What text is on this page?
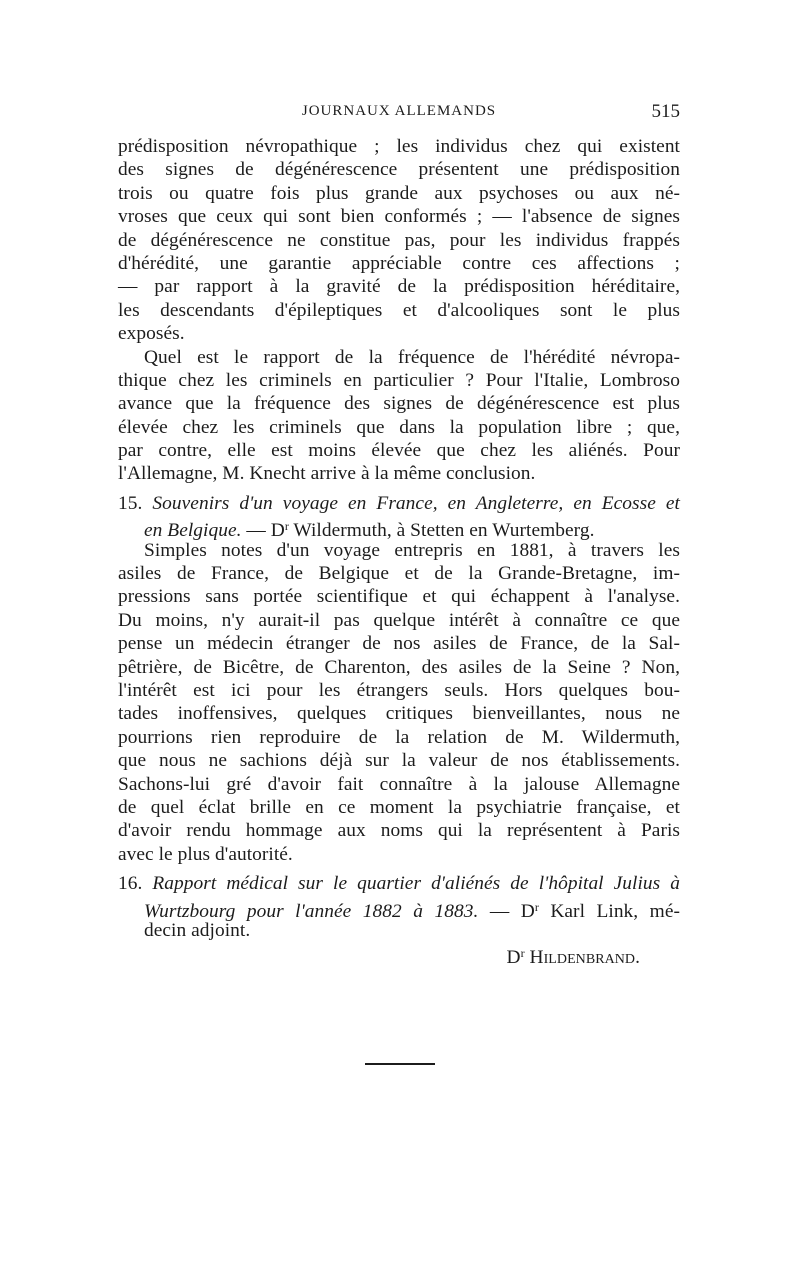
JOURNAUX ALLEMANDS	515
prédisposition névropathique ; les individus chez qui existent
des signes de dégénérescence présentent une prédisposition
trois ou quatre fois plus grande aux psychoses ou aux né-
vroses que ceux qui sont bien conformés ; — l'absence de signes
de dégénérescence ne constitue pas, pour les individus frappés
d'hérédité, une garantie appréciable contre ces affections ;
— par rapport à la gravité de la prédisposition héréditaire,
les descendants d'épileptiques et d'alcooliques sont le plus
exposés.
Quel est le rapport de la fréquence de l'hérédité névropa-
thique chez les criminels en particulier ? Pour l'Italie, Lombroso
avance que la fréquence des signes de dégénérescence est plus
élevée chez les criminels que dans la population libre ; que,
par contre, elle est moins élevée que chez les aliénés. Pour
l'Allemagne, M. Knecht arrive à la même conclusion.
15. Souvenirs d'un voyage en France, en Angleterre, en Ecosse et
en Belgique. — $D^r$ Wildermuth, à Stetten en Wurtemberg.
Simples notes d'un voyage entrepris en 1881, à travers les
asiles de France, de Belgique et de la Grande-Bretagne, im-
pressions sans portée scientifique et qui échappent à l'analyse.
Du moins, n'y aurait-il pas quelque intérêt à connaître ce que
pense un médecin étranger de nos asiles de France, de la Sal-
pêtrière, de Bicêtre, de Charenton, des asiles de la Seine ? Non,
l'intérêt est ici pour les étrangers seuls. Hors quelques bou-
tades inoffensives, quelques critiques bienveillantes, nous ne
pourrions rien reproduire de la relation de M. Wildermuth,
que nous ne sachions déjà sur la valeur de nos établissements.
Sachons-lui gré d'avoir fait connaître à la jalouse Allemagne
de quel éclat brille en ce moment la psychiatrie française, et
d'avoir rendu hommage aux noms qui la représentent à Paris
avec le plus d'autorité.
16. Rapport médical sur le quartier d'aliénés de l'hôpital Julius à
Wurtzbourg pour l'année 1882 à 1883. — $D^r$ Karl Link, mé-
decin adjoint.
$D^r$ Hildenbrand.
